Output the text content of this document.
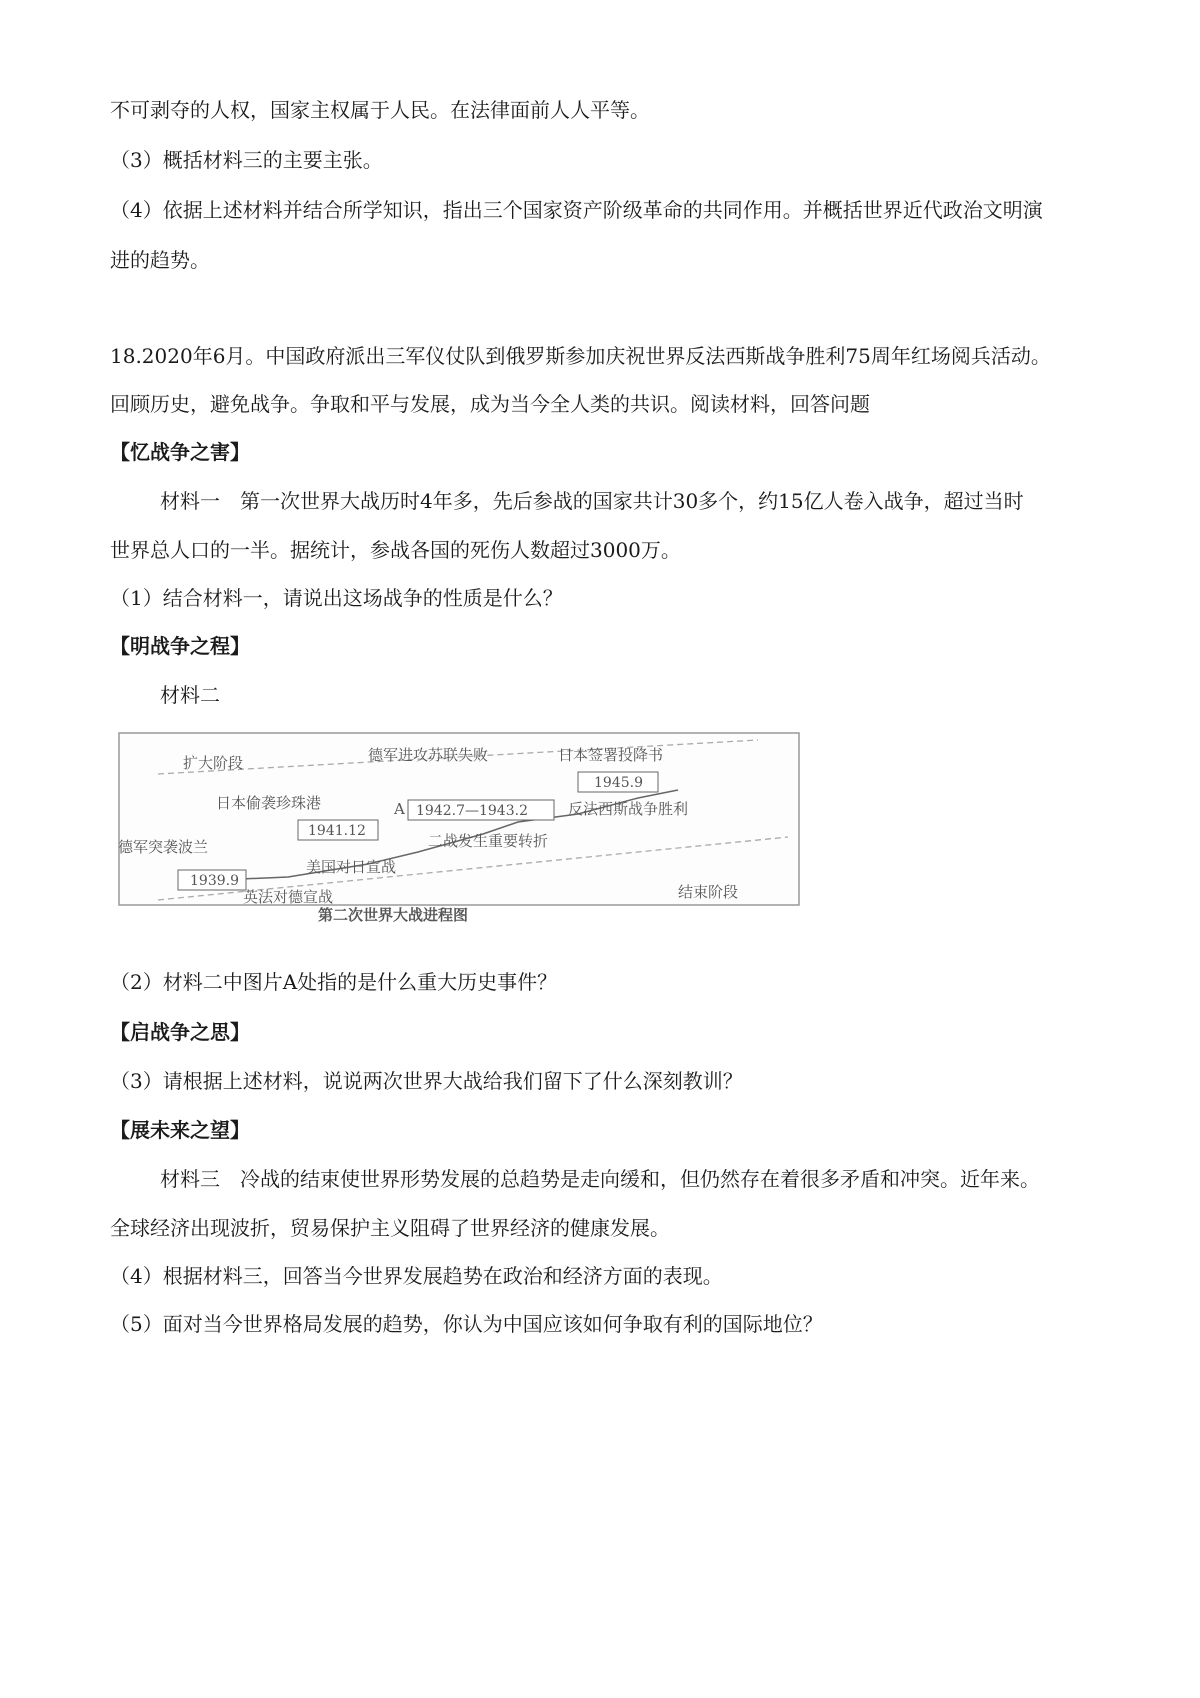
不可剥夺的人权，国家主权属于人民。在法律面前人人平等。
（3）概括材料三的主要主张。
（4）依据上述材料并结合所学知识，指出三个国家资产阶级革命的共同作用。并概括世界近代政治文明演
进的趋势。
18.2020年6月。中国政府派出三军仪仗队到俄罗斯参加庆祝世界反法西斯战争胜利75周年红场阅兵活动。
回顾历史，避免战争。争取和平与发展，成为当今全人类的共识。阅读材料，回答问题
【忆战争之害】
材料一　第一次世界大战历时4年多，先后参战的国家共计30多个，约15亿人卷入战争，超过当时
世界总人口的一半。据统计，参战各国的死伤人数超过3000万。
（1）结合材料一，请说出这场战争的性质是什么？
【明战争之程】
材料二
扩大阶段
结束阶段
德军突袭波兰
1939.9
英法对德宣战
日本偷袭珍珠港
1941.12
美国对日宣战
德军进攻苏联失败
A 1942.7—1943.2
二战发生重要转折
日本签署投降书
1945.9
反法西斯战争胜利
第二次世界大战进程图
（2）材料二中图片A处指的是什么重大历史事件？
【启战争之思】
（3）请根据上述材料，说说两次世界大战给我们留下了什么深刻教训？
【展未来之望】
材料三　冷战的结束使世界形势发展的总趋势是走向缓和，但仍然存在着很多矛盾和冲突。近年来。
全球经济出现波折，贸易保护主义阻碍了世界经济的健康发展。
（4）根据材料三，回答当今世界发展趋势在政治和经济方面的表现。
（5）面对当今世界格局发展的趋势，你认为中国应该如何争取有利的国际地位？
